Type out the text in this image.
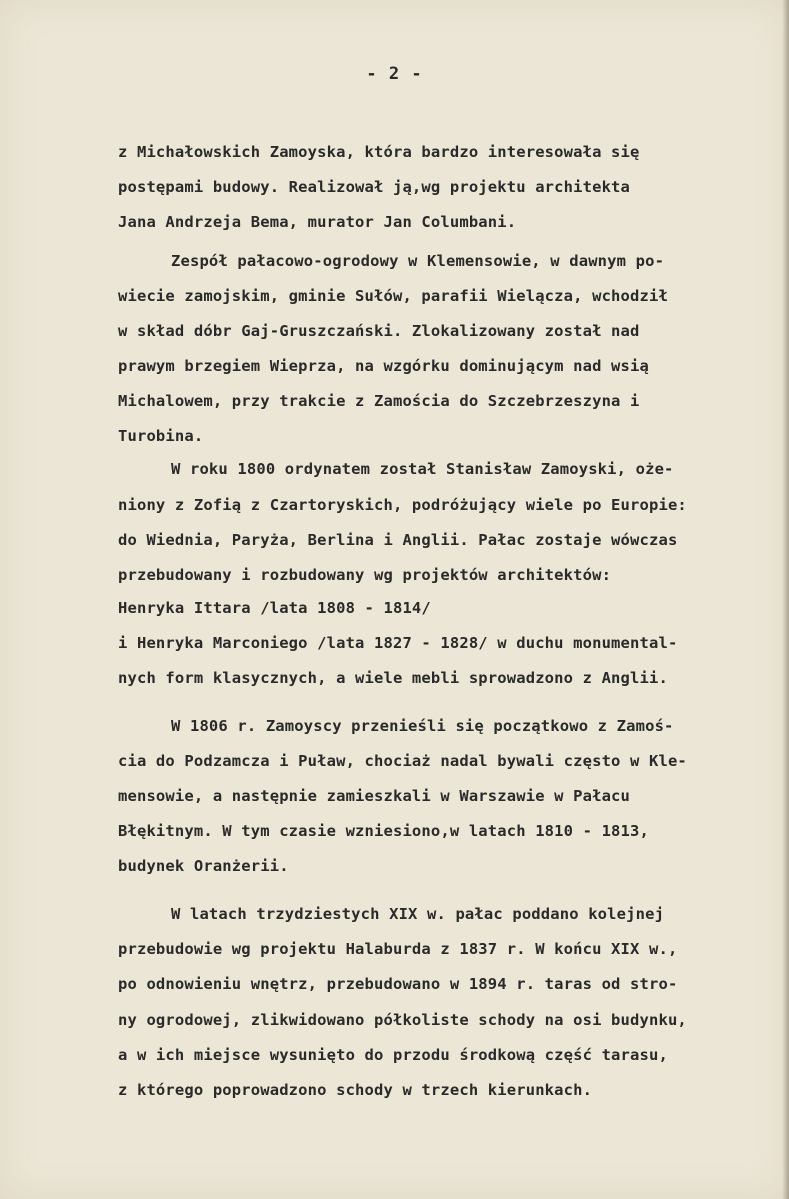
- 2 -
z Michałowskich Zamoyska, która bardzo interesowała się
postępami budowy. Realizował ją,wg projektu architekta
Jana Andrzeja Bema, murator Jan Columbani.
Zespół pałacowo-ogrodowy w Klemensowie, w dawnym po-
wiecie zamojskim, gminie Sułów, parafii Wielącza, wchodził
w skład dóbr Gaj-Gruszczański. Zlokalizowany został nad
prawym brzegiem Wieprza, na wzgórku dominującym nad wsią
Michalowem, przy trakcie z Zamościa do Szczebrzeszyna i
Turobina.
W roku 1800 ordynatem został Stanisław Zamoyski, oże-
niony z Zofią z Czartoryskich, podróżujący wiele po Europie:
do Wiednia, Paryża, Berlina i Anglii. Pałac zostaje wówczas
przebudowany i rozbudowany wg projektów architektów:
Henryka Ittara /lata 1808 - 1814/
i Henryka Marconiego /lata 1827 - 1828/ w duchu monumental-
nych form klasycznych, a wiele mebli sprowadzono z Anglii.
W 1806 r. Zamoyscy przenieśli się początkowo z Zamoś-
cia do Podzamcza i Puław, chociaż nadal bywali często w Kle-
mensowie, a następnie zamieszkali w Warszawie w Pałacu
Błękitnym. W tym czasie wzniesiono,w latach 1810 - 1813,
budynek Oranżerii.
W latach trzydziestych XIX w. pałac poddano kolejnej
przebudowie wg projektu Halaburda z 1837 r. W końcu XIX w.,
po odnowieniu wnętrz, przebudowano w 1894 r. taras od stro-
ny ogrodowej, zlikwidowano półkoliste schody na osi budynku,
a w ich miejsce wysunięto do przodu środkową część tarasu,
z którego poprowadzono schody w trzech kierunkach.
